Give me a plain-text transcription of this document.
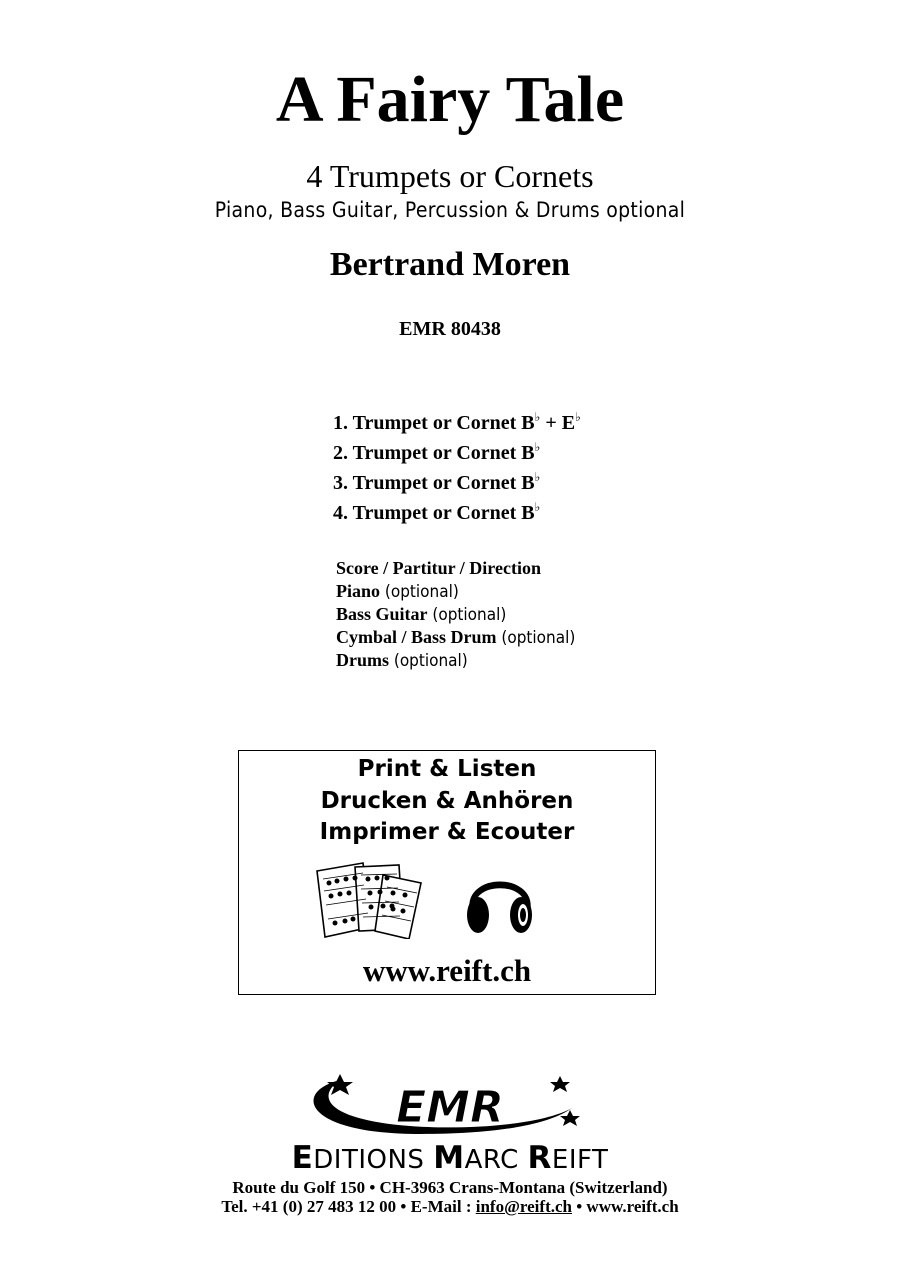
A Fairy Tale
4 Trumpets or Cornets
Piano, Bass Guitar, Percussion & Drums optional
Bertrand Moren
EMR 80438
1. Trumpet or Cornet B♭ + E♭
2. Trumpet or Cornet B♭
3. Trumpet or Cornet B♭
4. Trumpet or Cornet B♭
Score / Partitur / Direction
Piano (optional)
Bass Guitar (optional)
Cymbal / Bass Drum (optional)
Drums (optional)
Print & Listen
Drucken & Anhören
Imprimer & Ecouter
www.reift.ch
EMR
EDITIONS MARC REIFT
Route du Golf 150 • CH-3963 Crans-Montana (Switzerland)
Tel. +41 (0) 27 483 12 00 • E-Mail : info@reift.ch • www.reift.ch
